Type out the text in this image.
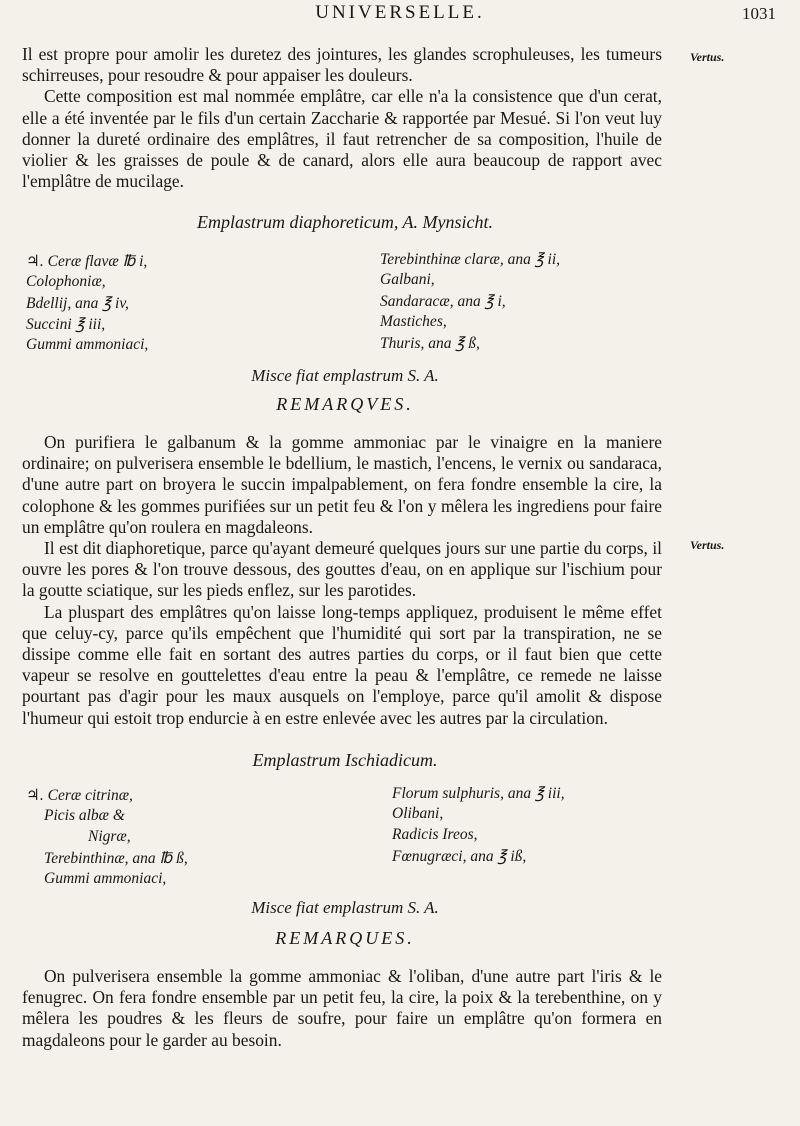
UNIVERSELLE.	1031
Vertus.
Vertus.

Il est propre pour amolir les duretez des jointures, les glandes scrophuleuses, les tumeurs schirreuses, pour resoudre & pour appaiser les douleurs.

Cette composition est mal nommée emplâtre, car elle n'a la consistence que d'un cerat, elle a été inventée par le fils d'un certain Zaccharie & rapportée par Mesué. Si l'on veut luy donner la dureté ordinaire des emplâtres, il faut retrencher de sa composition, l'huile de violier & les graisses de poule & de canard, alors elle aura beaucoup de rapport avec l'emplâtre de mucilage.

Emplastrum diaphoreticum, A. Mynsicht.
♃. Ceræ flavæ ℔ i,
Colophoniæ,
Bdellij, ana ℥ iv,
Succini ℥ iii,
Gummi ammoniaci,
Terebinthinæ claræ, ana ℥ ii,
Galbani,
Sandaracæ, ana ℥ i,
Mastiches,
Thuris, ana ℥ ß,
Misce fiat emplastrum S. A.
REMARQVES.

On purifiera le galbanum & la gomme ammoniac par le vinaigre en la maniere ordinaire; on pulverisera ensemble le bdellium, le mastich, l'encens, le vernix ou sandaraca, d'une autre part on broyera le succin impalpablement, on fera fondre ensemble la cire, la colophone & les gommes purifiées sur un petit feu & l'on y mêlera les ingrediens pour faire un emplâtre qu'on roulera en magdaleons.

Il est dit diaphoretique, parce qu'ayant demeuré quelques jours sur une partie du corps, il ouvre les pores & l'on trouve dessous, des gouttes d'eau, on en applique sur l'ischium pour la goutte sciatique, sur les pieds enflez, sur les parotides.

La pluspart des emplâtres qu'on laisse long-temps appliquez, produisent le même effet que celuy-cy, parce qu'ils empêchent que l'humidité qui sort par la transpiration, ne se dissipe comme elle fait en sortant des autres parties du corps, or il faut bien que cette vapeur se resolve en gouttelettes d'eau entre la peau & l'emplâtre, ce remede ne laisse pourtant pas d'agir pour les maux ausquels on l'employe, parce qu'il amolit & dispose l'humeur qui estoit trop endurcie à en estre enlevée avec les autres par la circulation.

Emplastrum Ischiadicum.
♃. Ceræ citrinæ,
Picis albæ &
Nigræ,
Terebinthinæ, ana ℔ ß,
Gummi ammoniaci,
Florum sulphuris, ana ℥ iii,
Olibani,
Radicis Ireos,
Fœnugræci, ana ℥ iß,
Misce fiat emplastrum S. A.
REMARQUES.

On pulverisera ensemble la gomme ammoniac & l'oliban, d'une autre part l'iris & le fenugrec. On fera fondre ensemble par un petit feu, la cire, la poix & la terebenthine, on y mêlera les poudres & les fleurs de soufre, pour faire un emplâtre qu'on formera en magdaleons pour le garder au besoin.
